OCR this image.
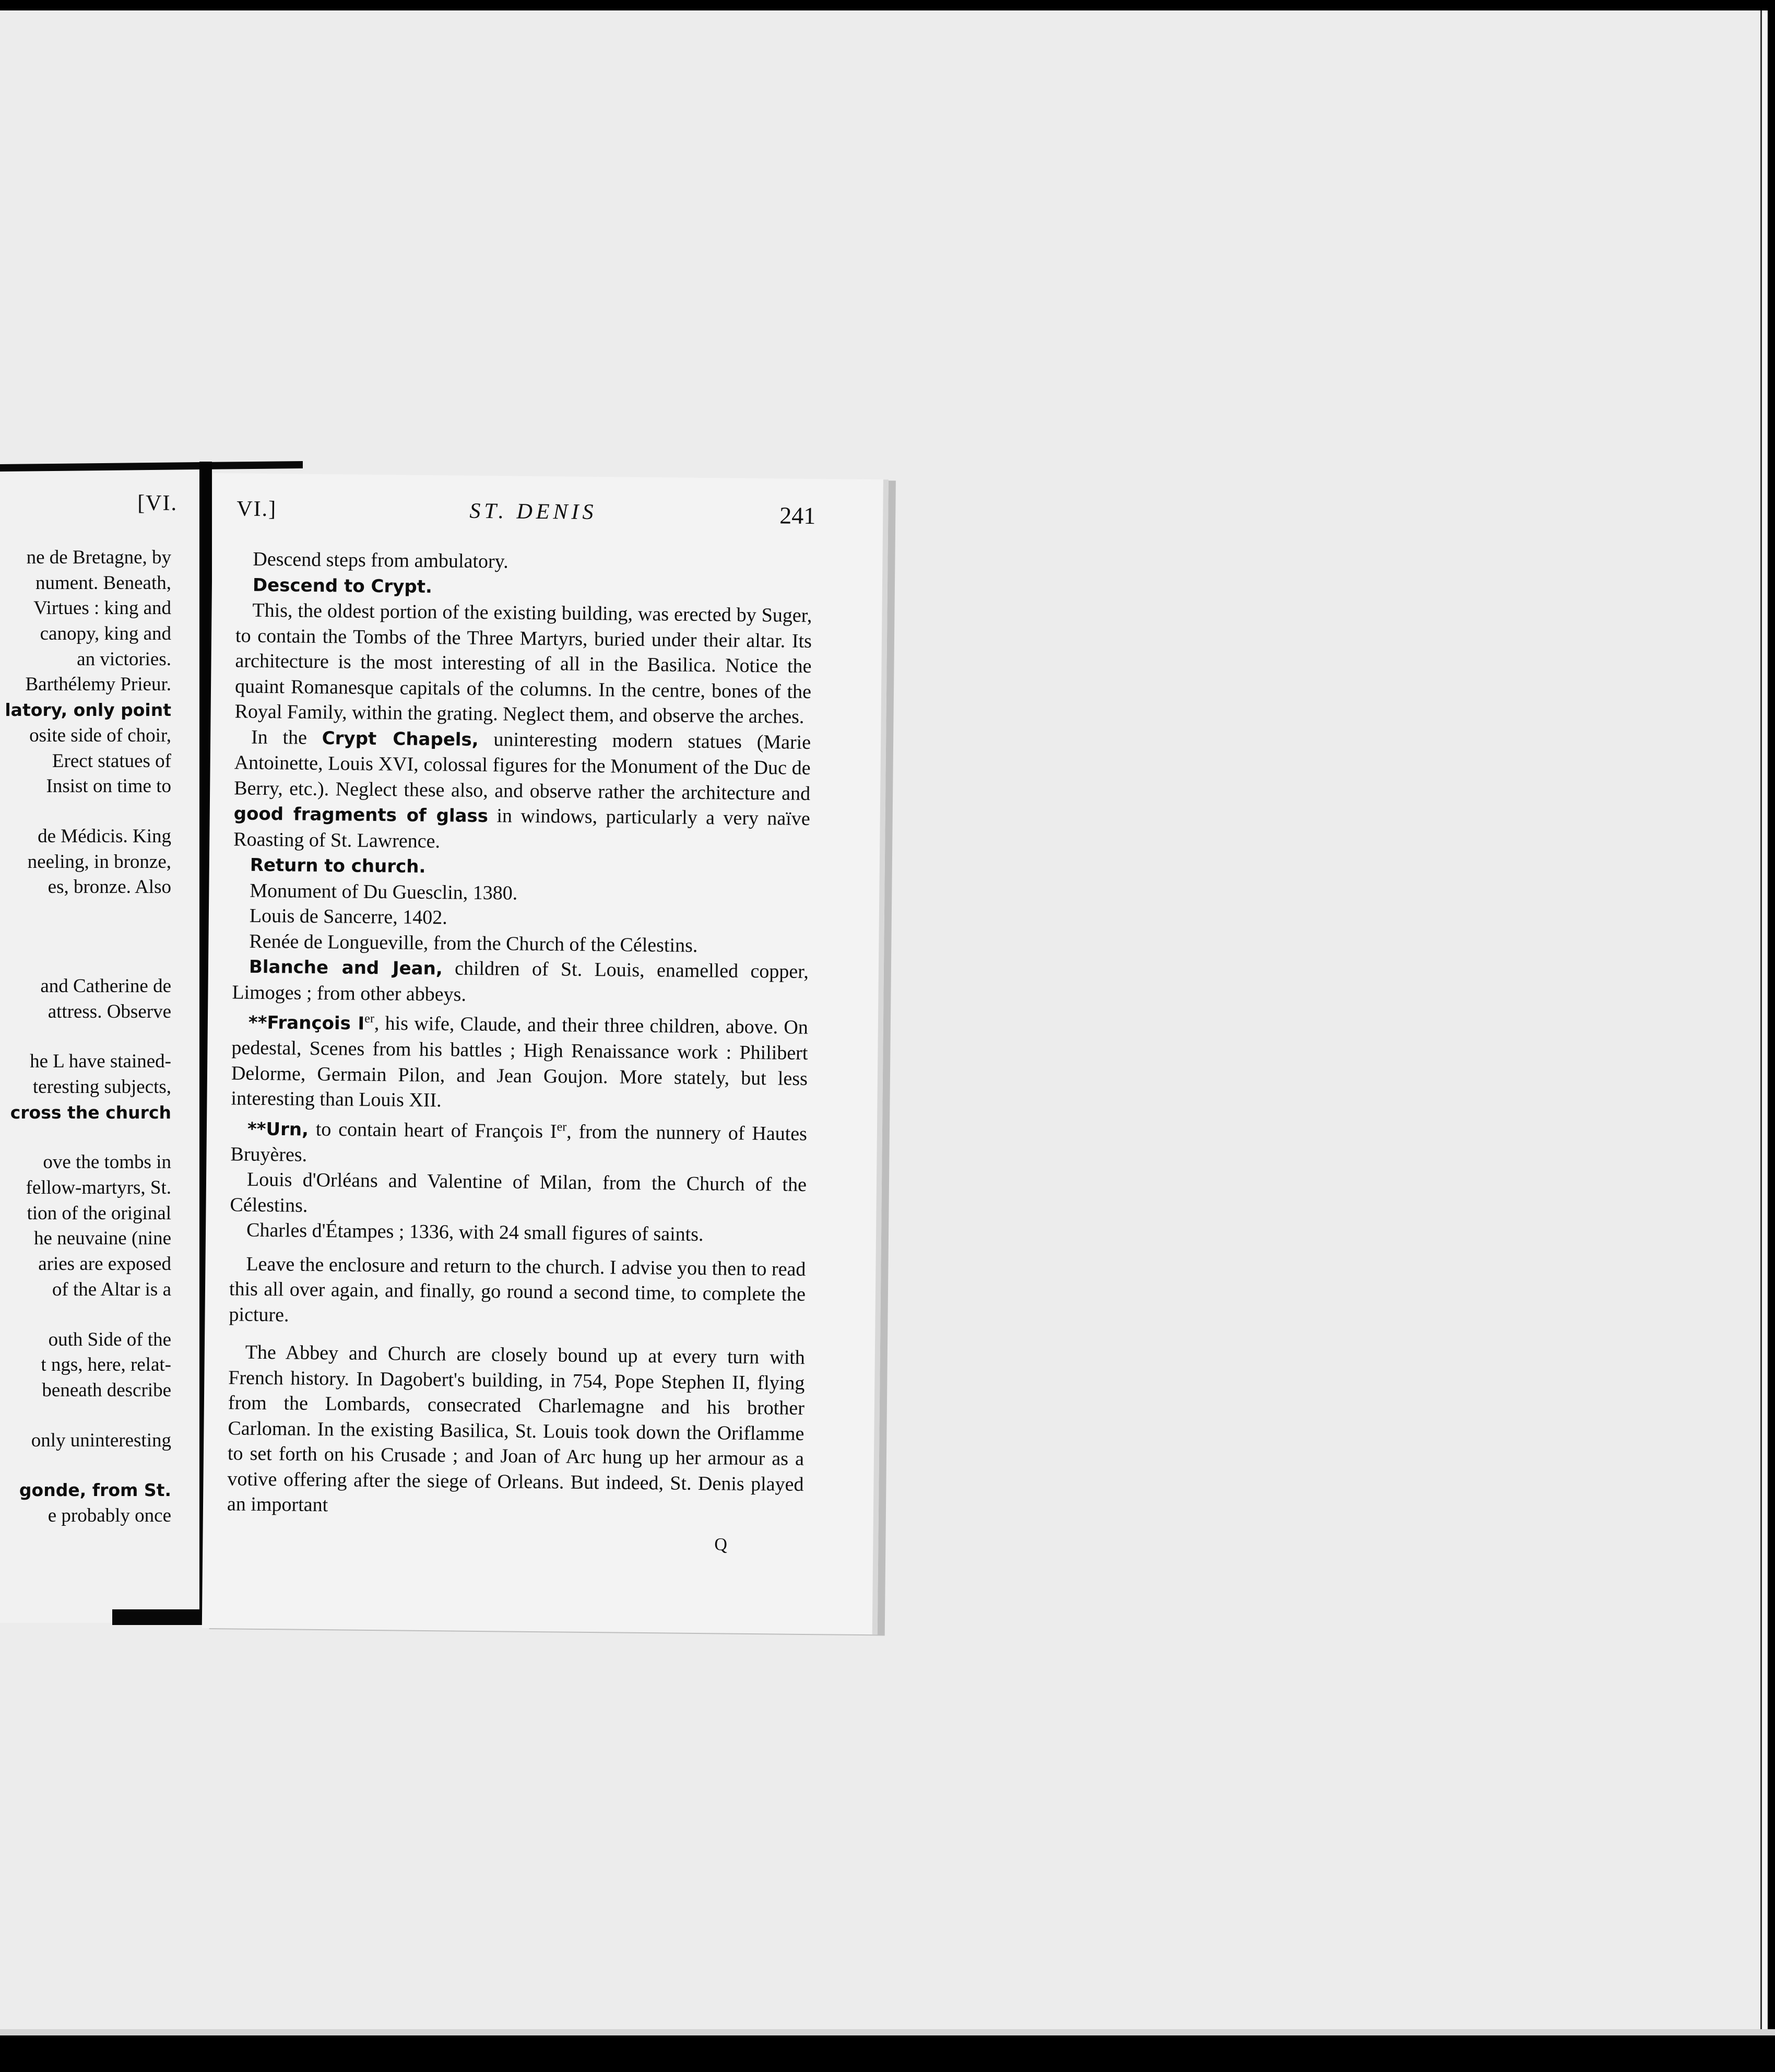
[VI.
ne de Bretagne, by
nument. Beneath,
Virtues : king and
canopy, king and
an victories.
Barthélemy Prieur.
latory, only point
osite side of choir,
Erect statues of
Insist on time to
de Médicis. King
neeling, in bronze,
es, bronze. Also
and Catherine de
attress. Observe
he L have stained-
teresting subjects,
cross the church
ove the tombs in
fellow-martyrs, St.
tion of the original
he neuvaine (nine
aries are exposed
of the Altar is a
outh Side of the
t ngs, here, relat-
beneath describe
only uninteresting
gonde, from St.
e probably once
VI.]	ST. DENIS	241

Descend steps from ambulatory.

Descend to Crypt.

This, the oldest portion of the existing building, was erected by Suger, to contain the Tombs of the Three Martyrs, buried under their altar. Its architecture is the most interesting of all in the Basilica. Notice the quaint Romanesque capitals of the columns. In the centre, bones of the Royal Family, within the grating. Neglect them, and observe the arches.

In the Crypt Chapels, uninteresting modern statues (Marie Antoinette, Louis XVI, colossal figures for the Monument of the Duc de Berry, etc.). Neglect these also, and observe rather the architecture and good fragments of glass in windows, particularly a very naïve Roasting of St. Lawrence.

Return to church.

Monument of Du Guesclin, 1380.

Louis de Sancerre, 1402.

Renée de Longueville, from the Church of the Célestins.

Blanche and Jean, children of St. Louis, enamelled copper, Limoges ; from other abbeys.

**François Ier, his wife, Claude, and their three children, above. On pedestal, Scenes from his battles ; High Renaissance work : Philibert Delorme, Germain Pilon, and Jean Goujon. More stately, but less interesting than Louis XII.

**Urn, to contain heart of François Ier, from the nunnery of Hautes Bruyères.

Louis d'Orléans and Valentine of Milan, from the Church of the Célestins.

Charles d'Étampes ; 1336, with 24 small figures of saints.

Leave the enclosure and return to the church. I advise you then to read this all over again, and finally, go round a second time, to complete the picture.

The Abbey and Church are closely bound up at every turn with French history. In Dagobert's building, in 754, Pope Stephen II, flying from the Lombards, consecrated Charlemagne and his brother Carloman. In the existing Basilica, St. Louis took down the Oriflamme to set forth on his Crusade ; and Joan of Arc hung up her armour as a votive offering after the siege of Orleans. But indeed, St. Denis played an important

Q
